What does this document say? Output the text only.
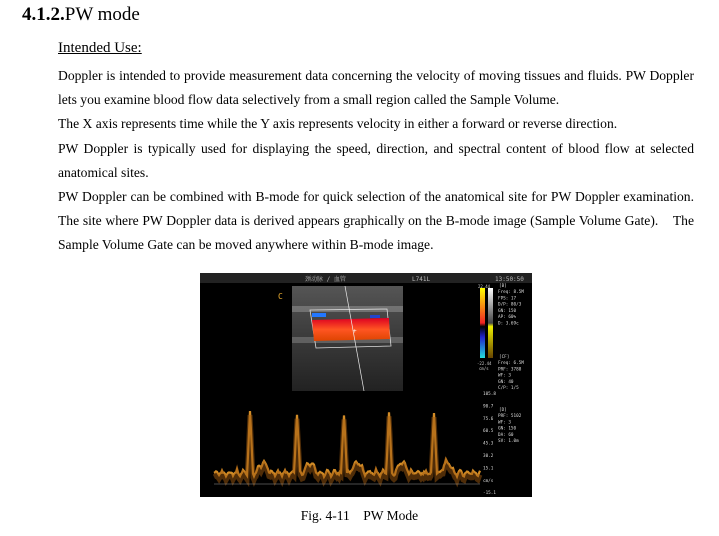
4.1.2.PW mode
Intended Use:

Doppler is intended to provide measurement data concerning the velocity of moving tissues and fluids. PW Doppler lets you examine blood flow data selectively from a small region called the Sample Volume.

The X axis represents time while the Y axis represents velocity in either a forward or reverse direction.

PW Doppler is typically used for displaying the speed, direction, and spectral content of blood flow at selected anatomical sites.

PW Doppler can be combined with B-mode for quick selection of the anatomical site for PW Doppler examination. The site where PW Doppler data is derived appears graphically on the B-mode image (Sample Volume Gate).    The Sample Volume Gate can be moved anywhere within B-mode image.

颈动脉 / 血管	L741L	13:50:50
+
C
22.44
-22.44
cm/s
[B]
Freq: 8.5M
FPS: 17
D/P: 80/3
GN: 150
AP: 60%
D: 3.69c
[CF]
Freq: 6.5M
PRF: 3788
WF: 3
GN: 40
C/P: 1/5
[D]
PRF: 5102
WF: 3
GN: 150
DA: 60
SV: 1.0m
105.8
90.7
75.6
60.5
45.3
30.2
15.1
cm/s
-15.1
Fig. 4-11    PW Mode
